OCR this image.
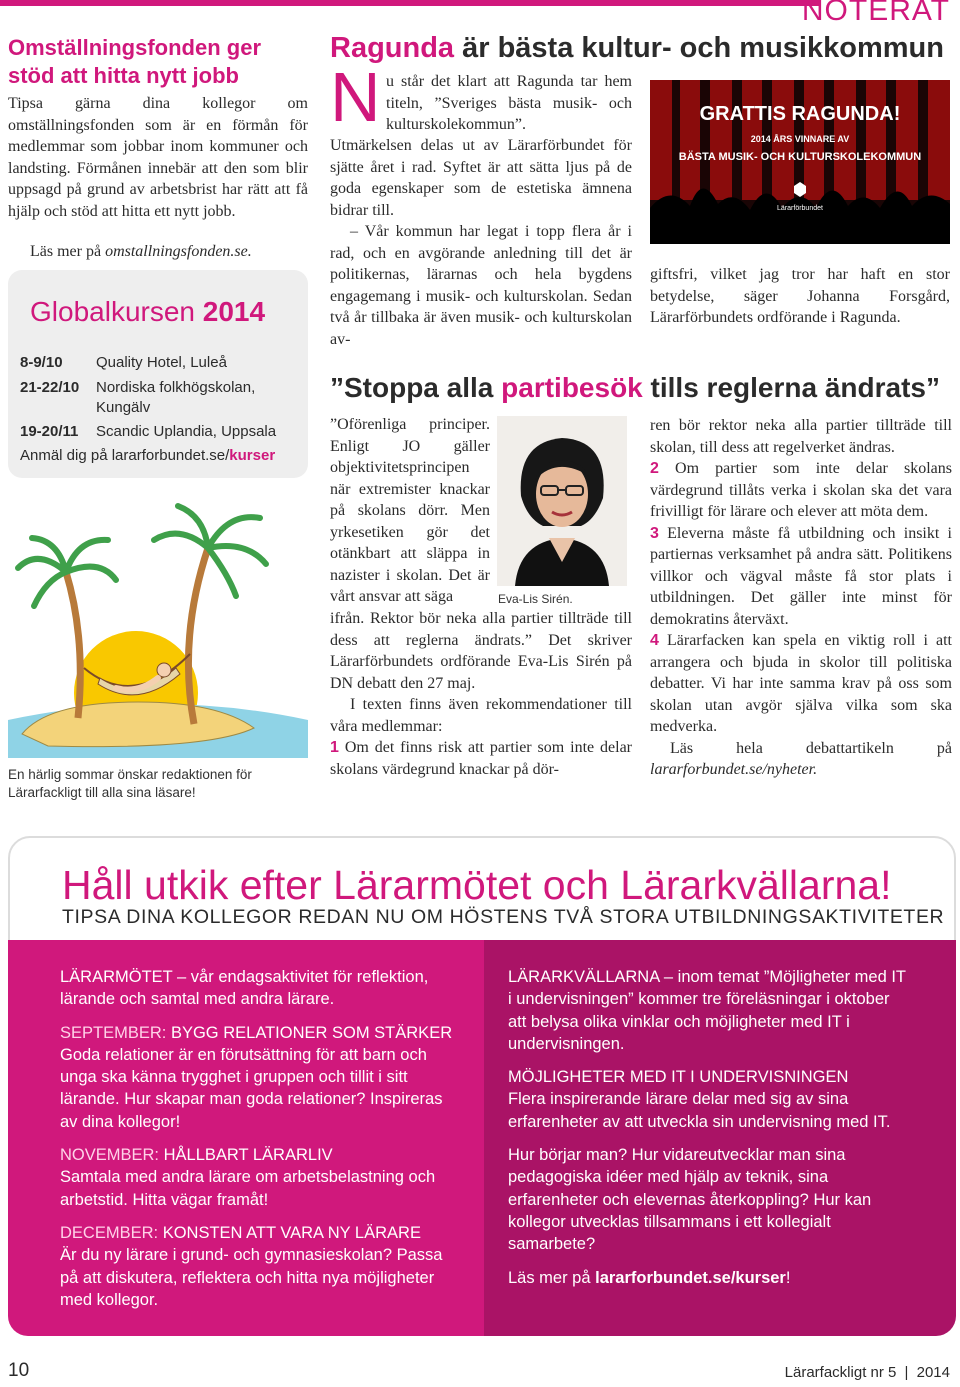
NOTERAT
Omställningsfonden ger
stöd att hitta nytt jobb
Tipsa gärna dina kollegor om omställningsfonden som är en förmån för medlemmar som jobbar inom kommuner och landsting. Förmånen innebär att den som blir uppsagd på grund av arbetsbrist har rätt att få hjälp och stöd att hitta ett nytt jobb.
Läs mer på omstallningsfonden.se.
Globalkursen 2014
8-9/10 Quality Hotel, Luleå
21-22/10 Nordiska folkhögskolan, Kungälv
19-20/11 Scandic Uplandia, Uppsala
Anmäl dig på lararforbundet.se/kurser
En härlig sommar önskar redaktionen för Lärarfackligt till alla sina läsare!
Ragunda är bästa kultur- och musikkommun
N u står det klart att Ragunda tar hem titeln, ”Sveriges bästa musik- och kulturskolekommun”.

Utmärkelsen delas ut av Lärarförbundet för sjätte året i rad. Syftet är att sätta ljus på de goda egenskaper som de estetiska ämnena bidrar till.

– Vår kommun har legat i topp flera år i rad, och en avgörande anledning till det är politikernas, lärarnas och hela bygdens engagemang i musik- och kulturskolan. Sedan två år tillbaka är även musik- och kulturskolan av-

GRATTIS RAGUNDA!
2014 ÅRS VINNARE AV
BÄSTA MUSIK- OCH KULTURSKOLEKOMMUN
Lärarförbundet
giftsfri, vilket jag tror har haft en stor betydelse, säger Johanna Forsgård, Lärarförbundets ordförande i Ragunda.
”Stoppa alla partibesök tills reglerna ändrats”
”Oförenliga principer. Enligt JO gäller objektivitetsprincipen när extremister knackar på skolans dörr. Men yrkesetiken gör det otänkbart att släppa in nazister i skolan. Det är vårt ansvar att säga	Eva-Lis Sirén.

ifrån. Rektor bör neka alla partier tillträde till dess att reglerna ändrats.” Det skriver Lärarförbundets ordförande Eva-Lis Sirén på DN debatt den 27 maj.

I texten finns även rekommendationer till våra medlemmar:

1 Om det finns risk att partier som inte delar skolans värdegrund knackar på dör-

ren bör rektor neka alla partier tillträde till skolan, till dess att regelverket ändras.

2 Om partier som inte delar skolans värdegrund tillåts verka i skolan ska det vara frivilligt för lärare och elever att möta dem.

3 Eleverna måste få utbildning och insikt i partiernas verksamhet på andra sätt. Politikens villkor och vägval måste få stor plats i utbildningen. Det gäller inte minst för demokratins återväxt.

4 Lärarfacken kan spela en viktig roll i att arrangera och bjuda in skolor till politiska debatter. Vi har inte samma krav på oss som skolan utan avgör själva vilka som ska medverka.

Läs hela debattartikeln på lararforbundet.se/nyheter.

Håll utkik efter Lärarmötet och Lärarkvällarna!
TIPSA DINA KOLLEGOR REDAN NU OM HÖSTENS TVÅ STORA UTBILDNINGSAKTIVITETER

LÄRARMÖTET – vår endagsaktivitet för reflektion, lärande och samtal med andra lärare.

SEPTEMBER: BYGG RELATIONER SOM STÄRKER
Goda relationer är en förutsättning för att barn och unga ska känna trygghet i gruppen och tillit i sitt lärande. Hur skapar man goda relationer? Inspireras av dina kollegor!

NOVEMBER: HÅLLBART LÄRARLIV
Samtala med andra lärare om arbetsbelastning och arbetstid. Hitta vägar framåt!

DECEMBER: KONSTEN ATT VARA NY LÄRARE
Är du ny lärare i grund- och gymnasieskolan? Passa på att diskutera, reflektera och hitta nya möjligheter med kollegor.

LÄRARKVÄLLARNA – inom temat ”Möjligheter med IT i undervisningen” kommer tre föreläsningar i oktober att belysa olika vinklar och möjligheter med IT i undervisningen.

MÖJLIGHETER MED IT I UNDERVISNINGEN
Flera inspirerande lärare delar med sig av sina erfarenheter av att utveckla sin undervisning med IT.

Hur börjar man? Hur vidareutvecklar man sina pedagogiska idéer med hjälp av teknik, sina erfarenheter och elevernas återkoppling? Hur kan kollegor utvecklas tillsammans i ett kollegialt samarbete?

Läs mer på lararforbundet.se/kurser!

10	Lärarfackligt nr 5 | 2014
